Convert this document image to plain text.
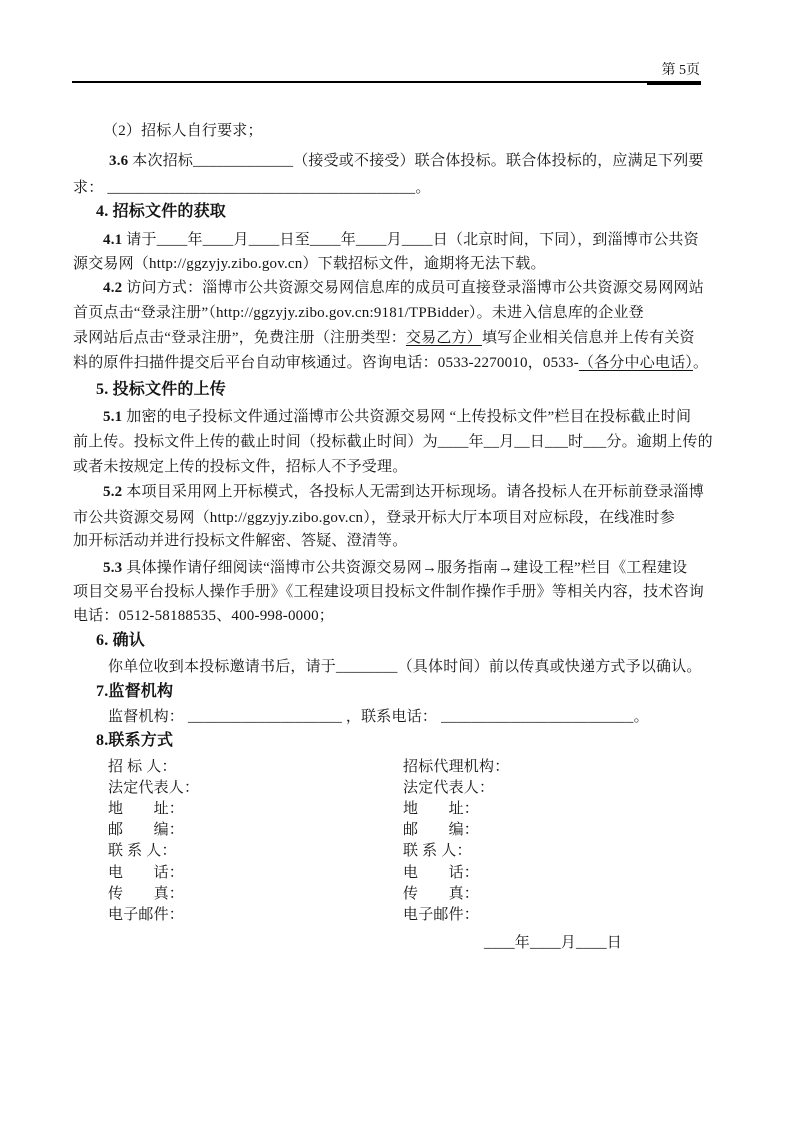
第 5页
（2）招标人自行要求；
3.6 本次招标_____________（接受或不接受）联合体投标。联合体投标的，应满足下列要
求： ________________________________________。
4. 招标文件的获取
4.1 请于____年____月____日至____年____月____日（北京时间，下同），到淄博市公共资
源交易网（http://ggzyjy.zibo.gov.cn）下载招标文件，逾期将无法下载。
4.2 访问方式：淄博市公共资源交易网信息库的成员可直接登录淄博市公共资源交易网网站
首页点击“登录注册”（http://ggzyjy.zibo.gov.cn:9181/TPBidder）。未进入信息库的企业登
录网站后点击“登录注册”，免费注册（注册类型：交易乙方）填写企业相关信息并上传有关资
料的原件扫描件提交后平台自动审核通过。咨询电话：0533-2270010，0533-（各分中心电话）。
5. 投标文件的上传
5.1 加密的电子投标文件通过淄博市公共资源交易网 “上传投标文件”栏目在投标截止时间
前上传。投标文件上传的截止时间（投标截止时间）为____年__月__日___时___分。逾期上传的
或者未按规定上传的投标文件，招标人不予受理。
5.2 本项目采用网上开标模式，各投标人无需到达开标现场。请各投标人在开标前登录淄博
市公共资源交易网（http://ggzyjy.zibo.gov.cn），登录开标大厅本项目对应标段，在线准时参
加开标活动并进行投标文件解密、答疑、澄清等。
5.3 具体操作请仔细阅读“淄博市公共资源交易网→服务指南→建设工程”栏目《工程建设
项目交易平台投标人操作手册》《工程建设项目投标文件制作操作手册》等相关内容，技术咨询
电话：0512-58188535、400-998-0000；
6. 确认
你单位收到本投标邀请书后，请于________（具体时间）前以传真或快递方式予以确认。
7.监督机构
监督机构： ____________________ ，联系电话： _________________________。
8.联系方式
招 标 人：
法定代表人：
地　　址：
邮　　编：
联 系 人：
电　　话：
传　　真：
电子邮件：
招标代理机构：
法定代表人：
地　　址：
邮　　编：
联 系 人：
电　　话：
传　　真：
电子邮件：
____年____月____日
